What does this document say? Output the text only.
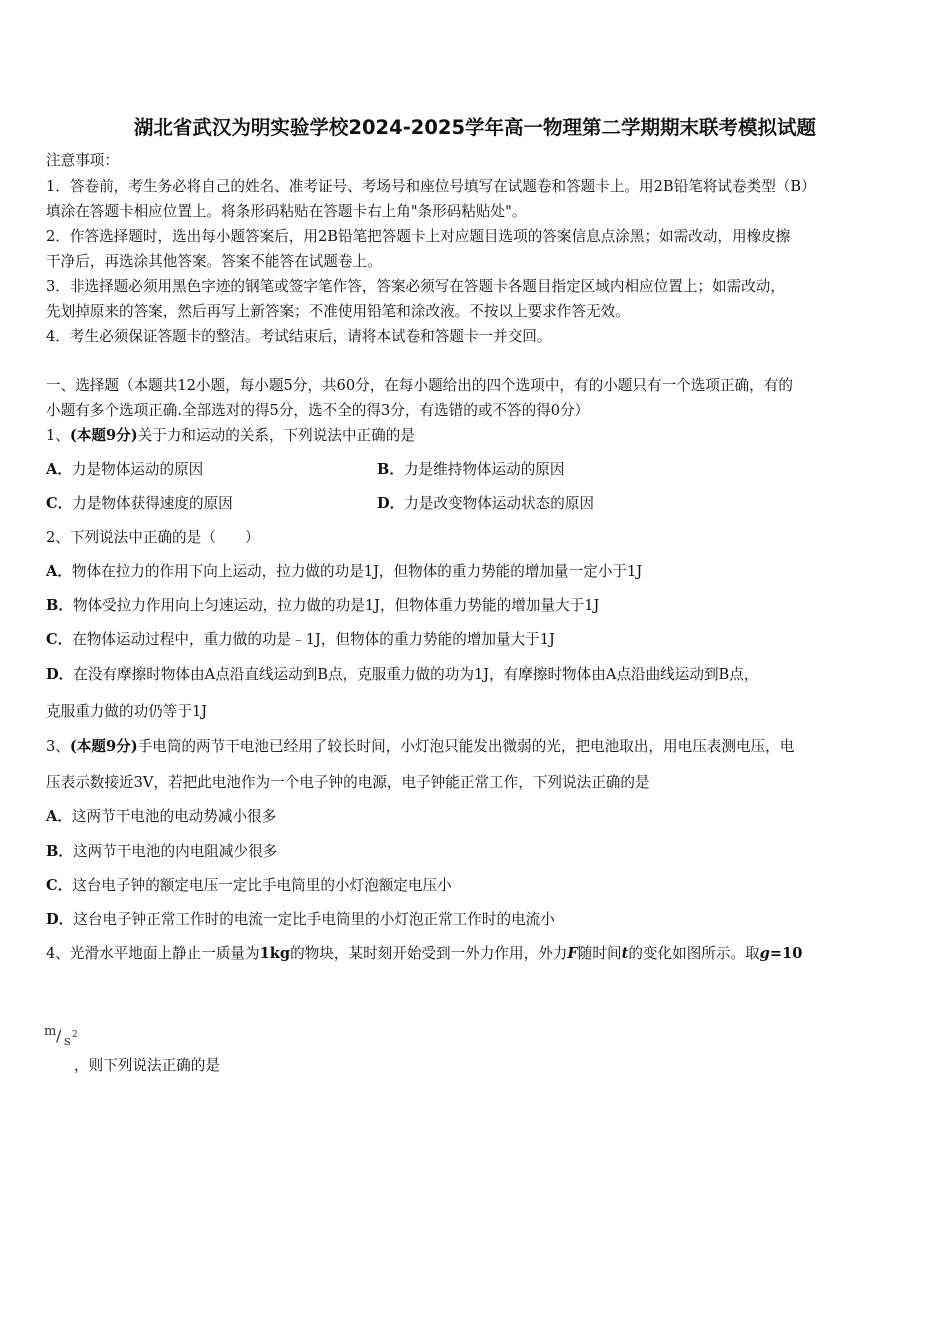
湖北省武汉为明实验学校2024-2025学年高一物理第二学期期末联考模拟试题
注意事项：
1．答卷前，考生务必将自己的姓名、准考证号、考场号和座位号填写在试题卷和答题卡上。用2B铅笔将试卷类型（B）
填涂在答题卡相应位置上。将条形码粘贴在答题卡右上角"条形码粘贴处"。
2．作答选择题时，选出每小题答案后，用2B铅笔把答题卡上对应题目选项的答案信息点涂黑；如需改动，用橡皮擦
干净后，再选涂其他答案。答案不能答在试题卷上。
3．非选择题必须用黑色字迹的钢笔或签字笔作答，答案必须写在答题卡各题目指定区域内相应位置上；如需改动，
先划掉原来的答案，然后再写上新答案；不准使用铅笔和涂改液。不按以上要求作答无效。
4．考生必须保证答题卡的整洁。考试结束后，请将本试卷和答题卡一并交回。
一、选择题（本题共12小题，每小题5分，共60分，在每小题给出的四个选项中，有的小题只有一个选项正确，有的
小题有多个选项正确.全部选对的得5分，选不全的得3分，有选错的或不答的得0分）
1、(本题9分)关于力和运动的关系，下列说法中正确的是
A．力是物体运动的原因	B．力是维持物体运动的原因
C．力是物体获得速度的原因	D．力是改变物体运动状态的原因
2、下列说法中正确的是（　　）
A．物体在拉力的作用下向上运动，拉力做的功是1J，但物体的重力势能的增加量一定小于1J
B．物体受拉力作用向上匀速运动，拉力做的功是1J，但物体重力势能的增加量大于1J
C．在物体运动过程中，重力做的功是﹣1J，但物体的重力势能的增加量大于1J
D．在没有摩擦时物体由A点沿直线运动到B点，克服重力做的功为1J，有摩擦时物体由A点沿曲线运动到B点，
克服重力做的功仍等于1J
3、(本题9分)手电筒的两节干电池已经用了较长时间，小灯泡只能发出微弱的光，把电池取出，用电压表测电压，电
压表示数接近3V，若把此电池作为一个电子钟的电源，电子钟能正常工作，下列说法正确的是
A．这两节干电池的电动势减小很多
B．这两节干电池的内电阻减少很多
C．这台电子钟的额定电压一定比手电筒里的小灯泡额定电压小
D．这台电子钟正常工作时的电流一定比手电筒里的小灯泡正常工作时的电流小
4、光滑水平地面上静止一质量为1kg的物块，某时刻开始受到一外力作用，外力F随时间t的变化如图所示。取g=10
m / s 2
，则下列说法正确的是
